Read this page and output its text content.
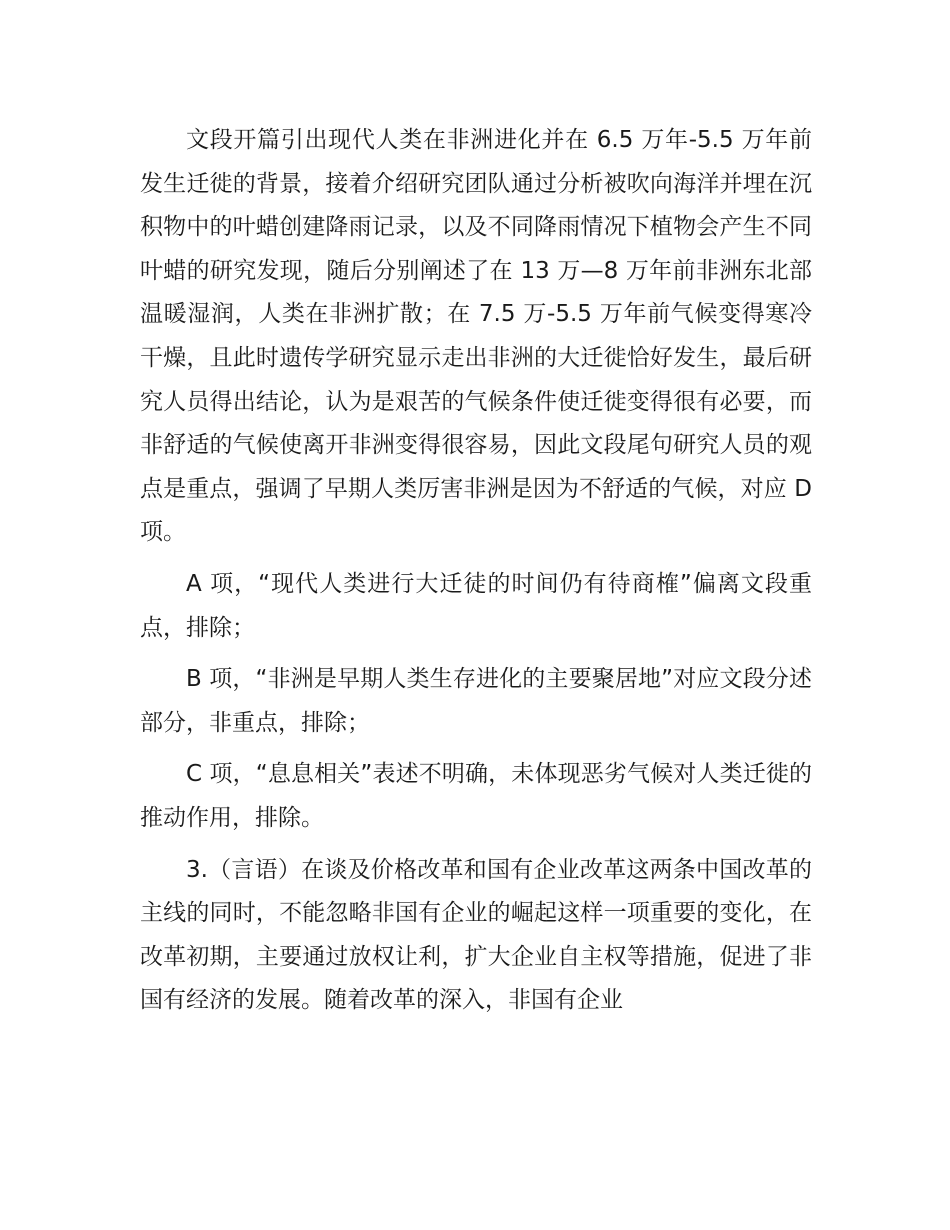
文段开篇引出现代人类在非洲进化并在 6.5 万年-5.5 万年前发生迁徙的背景，接着介绍研究团队通过分析被吹向海洋并埋在沉积物中的叶蜡创建降雨记录，以及不同降雨情况下植物会产生不同叶蜡的研究发现，随后分别阐述了在 13 万—8 万年前非洲东北部温暖湿润，人类在非洲扩散；在 7.5 万-5.5 万年前气候变得寒冷干燥，且此时遗传学研究显示走出非洲的大迁徙恰好发生，最后研究人员得出结论，认为是艰苦的气候条件使迁徙变得很有必要，而非舒适的气候使离开非洲变得很容易，因此文段尾句研究人员的观点是重点，强调了早期人类厉害非洲是因为不舒适的气候，对应 D 项。

A 项，“现代人类进行大迁徒的时间仍有待商榷”偏离文段重点，排除；

B 项，“非洲是早期人类生存进化的主要聚居地”对应文段分述部分，非重点，排除；

C 项，“息息相关”表述不明确，未体现恶劣气候对人类迁徙的推动作用，排除。

3.（言语）在谈及价格改革和国有企业改革这两条中国改革的主线的同时，不能忽略非国有企业的崛起这样一项重要的变化，在改革初期，主要通过放权让利，扩大企业自主权等措施，促进了非国有经济的发展。随着改革的深入，非国有企业
